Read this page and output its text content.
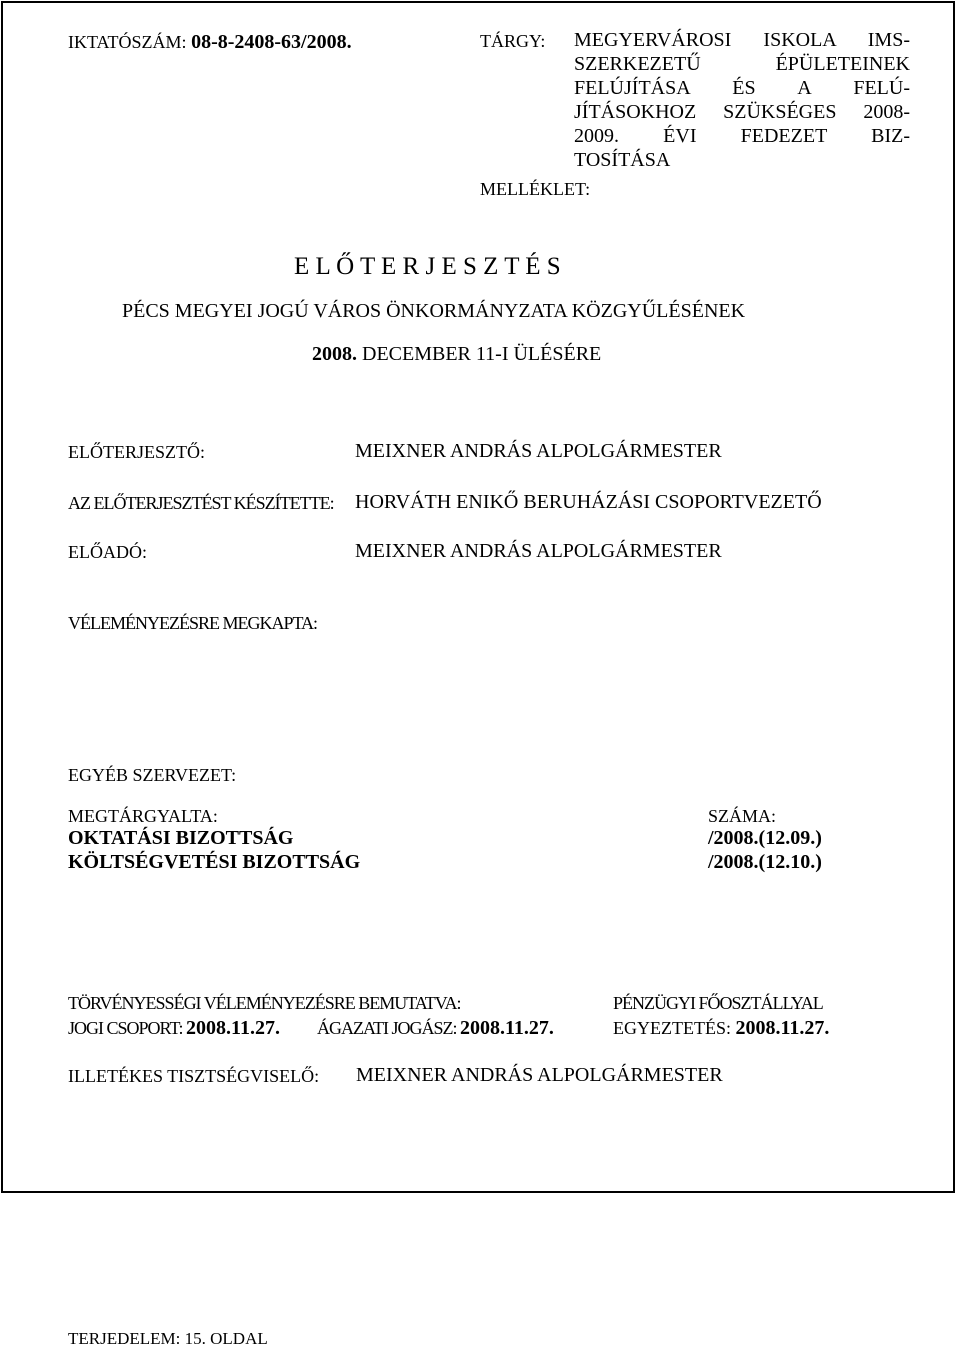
IKTATÓSZÁM: 08-8-2408-63/2008.	TÁRGY: MEGYERVÁROSI ISKOLA IMS-
SZERKEZETŰ ÉPÜLETEINEK
FELÚJÍTÁSA ÉS A FELÚ-
JÍTÁSOKHOZ SZÜKSÉGES 2008-
2009. ÉVI FEDEZET BIZ-
TOSÍTÁSA
MELLÉKLET:
E L Ő T E R J E S Z T É S
PÉCS MEGYEI JOGÚ VÁROS ÖNKORMÁNYZATA KÖZGYŰLÉSÉNEK
2008. DECEMBER 11-I ÜLÉSÉRE
ELŐTERJESZTŐ:	MEIXNER ANDRÁS ALPOLGÁRMESTER
AZ ELŐTERJESZTÉST KÉSZÍTETTE: HORVÁTH ENIKŐ BERUHÁZÁSI CSOPORTVEZETŐ
ELŐADÓ:	MEIXNER ANDRÁS ALPOLGÁRMESTER
VÉLEMÉNYEZÉSRE MEGKAPTA:
EGYÉB SZERVEZET:
MEGTÁRGYALTA:	SZÁMA:
OKTATÁSI BIZOTTSÁG	/2008.(12.09.)
KÖLTSÉGVETÉSI BIZOTTSÁG	/2008.(12.10.)
TÖRVÉNYESSÉGI VÉLEMÉNYEZÉSRE BEMUTATVA:	PÉNZÜGYI FŐOSZTÁLLYAL
JOGI CSOPORT: 2008.11.27. ÁGAZATI JOGÁSZ: 2008.11.27.	EGYEZTETÉS: 2008.11.27.
ILLETÉKES TISZTSÉGVISELŐ: MEIXNER ANDRÁS ALPOLGÁRMESTER
TERJEDELEM: 15. OLDAL
